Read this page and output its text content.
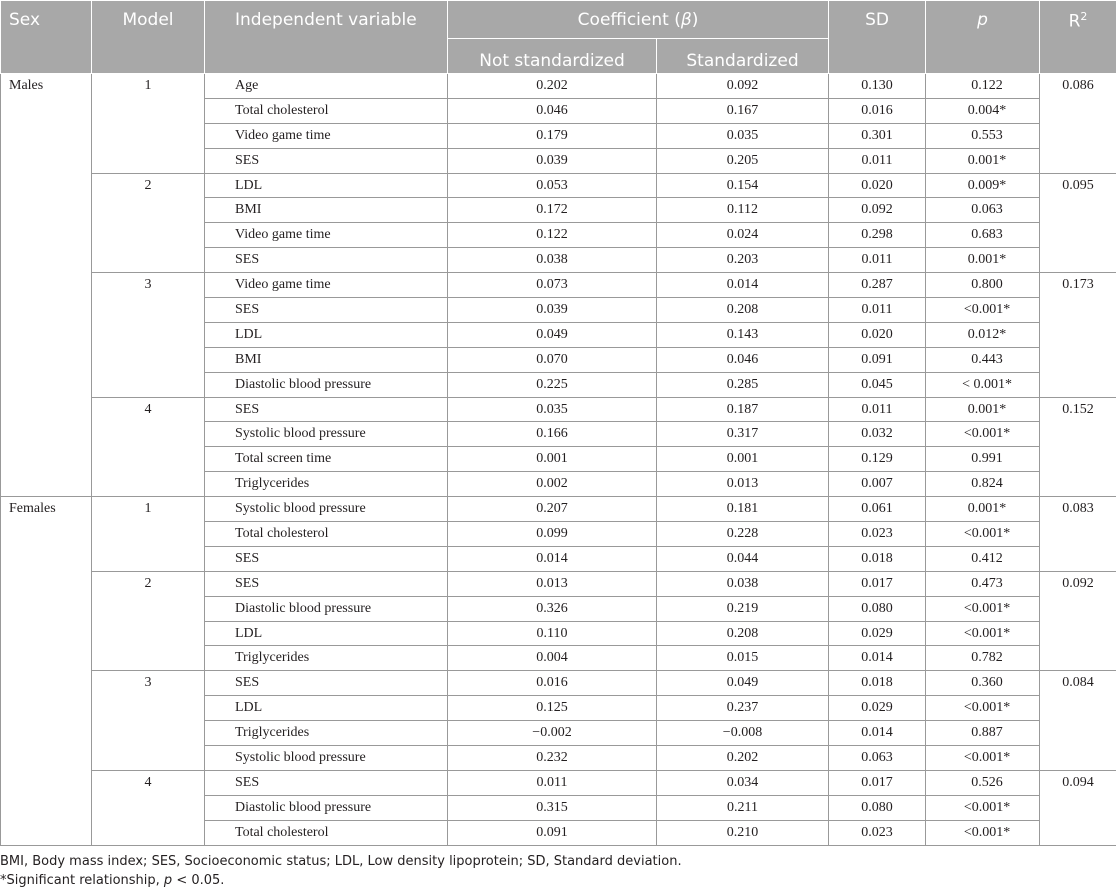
Sex	Model	Independent variable	Coefficient (β)		SD	p	$R^2$
			Not standardized	Standardized			
Males	1	Age	0.202	0.092	0.130	0.122	0.086
		Total cholesterol	0.046	0.167	0.016	0.004*	
		Video game time	0.179	0.035	0.301	0.553	
		SES	0.039	0.205	0.011	0.001*	
	2	LDL	0.053	0.154	0.020	0.009*	0.095
		BMI	0.172	0.112	0.092	0.063	
		Video game time	0.122	0.024	0.298	0.683	
		SES	0.038	0.203	0.011	0.001*	
	3	Video game time	0.073	0.014	0.287	0.800	0.173
		SES	0.039	0.208	0.011	<0.001*	
		LDL	0.049	0.143	0.020	0.012*	
		BMI	0.070	0.046	0.091	0.443	
		Diastolic blood pressure	0.225	0.285	0.045	< 0.001*	
	4	SES	0.035	0.187	0.011	0.001*	0.152
		Systolic blood pressure	0.166	0.317	0.032	<0.001*	
		Total screen time	0.001	0.001	0.129	0.991	
		Triglycerides	0.002	0.013	0.007	0.824	
Females	1	Systolic blood pressure	0.207	0.181	0.061	0.001*	0.083
		Total cholesterol	0.099	0.228	0.023	<0.001*	
		SES	0.014	0.044	0.018	0.412	
	2	SES	0.013	0.038	0.017	0.473	0.092
		Diastolic blood pressure	0.326	0.219	0.080	<0.001*	
		LDL	0.110	0.208	0.029	<0.001*	
		Triglycerides	0.004	0.015	0.014	0.782	
	3	SES	0.016	0.049	0.018	0.360	0.084
		LDL	0.125	0.237	0.029	<0.001*	
		Triglycerides	−0.002	−0.008	0.014	0.887	
		Systolic blood pressure	0.232	0.202	0.063	<0.001*	
	4	SES	0.011	0.034	0.017	0.526	0.094
		Diastolic blood pressure	0.315	0.211	0.080	<0.001*	
		Total cholesterol	0.091	0.210	0.023	<0.001*	

BMI, Body mass index; SES, Socioeconomic status; LDL, Low density lipoprotein; SD, Standard deviation.

*Significant relationship, p < 0.05.
